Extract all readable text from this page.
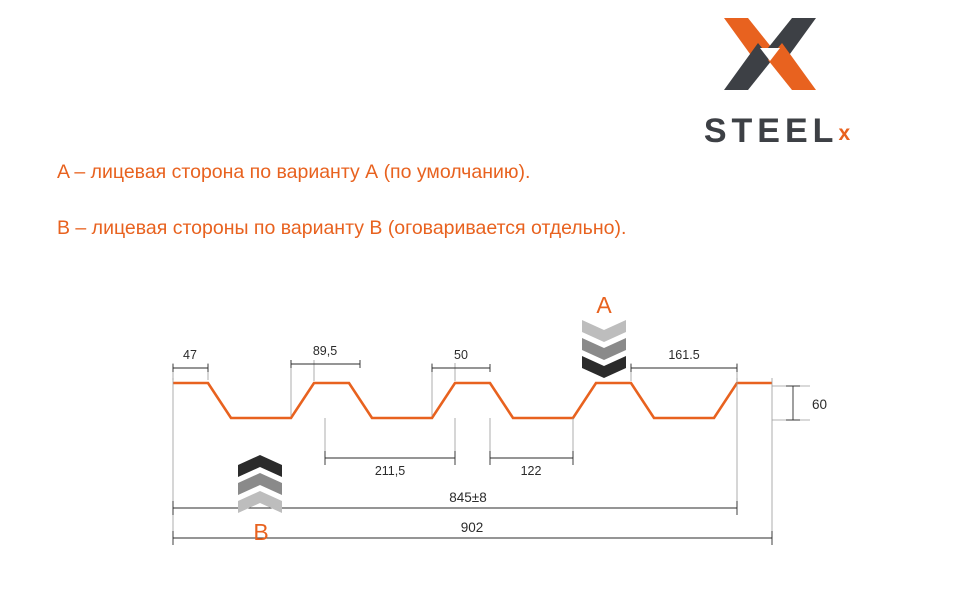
STEELx
A – лицевая сторона по варианту А (по умолчанию).
B – лицевая стороны по варианту B (оговаривается отдельно).
47	89,5	50	161.5
211,5	122
845±8
902
60
A
B
